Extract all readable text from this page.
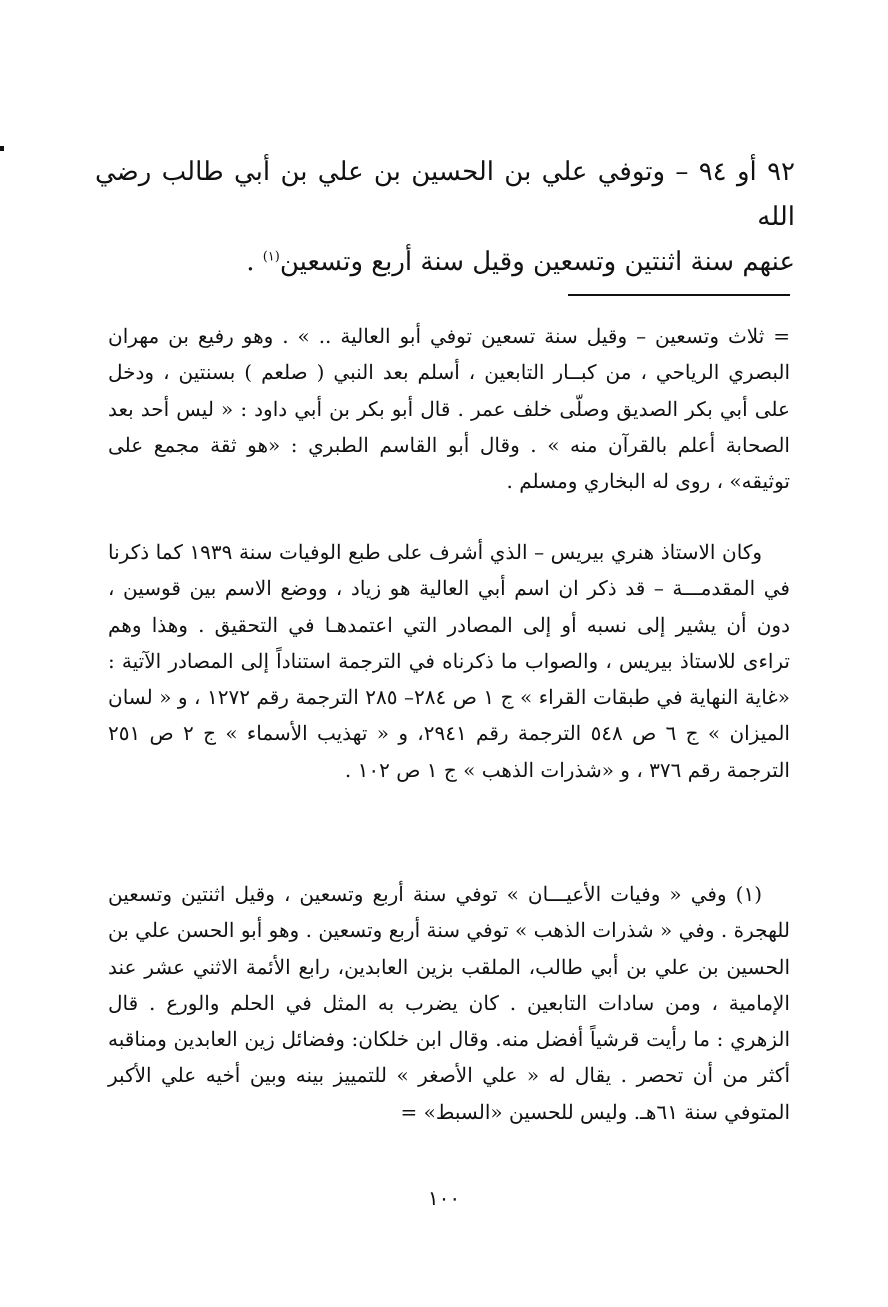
٩٢ أو ٩٤ – وتوفي علي بن الحسين بن علي بن أبي طالب رضي الله
عنهم سنة اثنتين وتسعين وقيل سنة أربع وتسعين$^{(١)}$ .

= ثلاث وتسعين – وقيل سنة تسعين توفي أبو العالية .. » . وهو رفيع بن مهران البصري الرياحي ، من كبــار التابعين ، أسلم بعد النبي ( صلعم ) بسنتين ، ودخل على أبي بكر الصديق وصلّى خلف عمر . قال أبو بكر بن أبي داود : « ليس أحد بعد الصحابة أعلم بالقرآن منه » . وقال أبو القاسم الطبري : «هو ثقة مجمع على توثيقه» ، روى له البخاري ومسلم .

وكان الاستاذ هنري بيريس – الذي أشرف على طبع الوفيات سنة ١٩٣٩ كما ذكرنا في المقدمـــة – قد ذكر ان اسم أبي العالية هو زياد ، ووضع الاسم بين قوسين ، دون أن يشير إلى نسبه أو إلى المصادر التي اعتمدهـا في التحقيق . وهذا وهم تراءى للاستاذ بيريس ، والصواب ما ذكرناه في الترجمة استناداً إلى المصادر الآتية : «غاية النهاية في طبقات القراء » ج ١ ص ٢٨٤– ٢٨٥ الترجمة رقم ١٢٧٢ ، و « لسان الميزان » ج ٦ ص ٥٤٨ الترجمة رقم ٢٩٤١، و « تهذيب الأسماء » ج ٢ ص ٢٥١ الترجمة رقم ٣٧٦ ، و «شذرات الذهب » ج ١ ص ١٠٢ .

(١) وفي « وفيات الأعيـــان » توفي سنة أربع وتسعين ، وقيل اثنتين وتسعين للهجرة . وفي « شذرات الذهب » توفي سنة أربع وتسعين . وهو أبو الحسن علي بن الحسين بن علي بن أبي طالب، الملقب بزين العابدين، رابع الأئمة الاثني عشر عند الإمامية ، ومن سادات التابعين . كان يضرب به المثل في الحلم والورع . قال الزهري : ما رأيت قرشياً أفضل منه. وقال ابن خلكان: وفضائل زين العابدين ومناقبه أكثر من أن تحصر . يقال له « علي الأصغر » للتمييز بينه وبين أخيه علي الأكبر المتوفي سنة ٦١هـ. وليس للحسين «السبط» =

١٠٠
